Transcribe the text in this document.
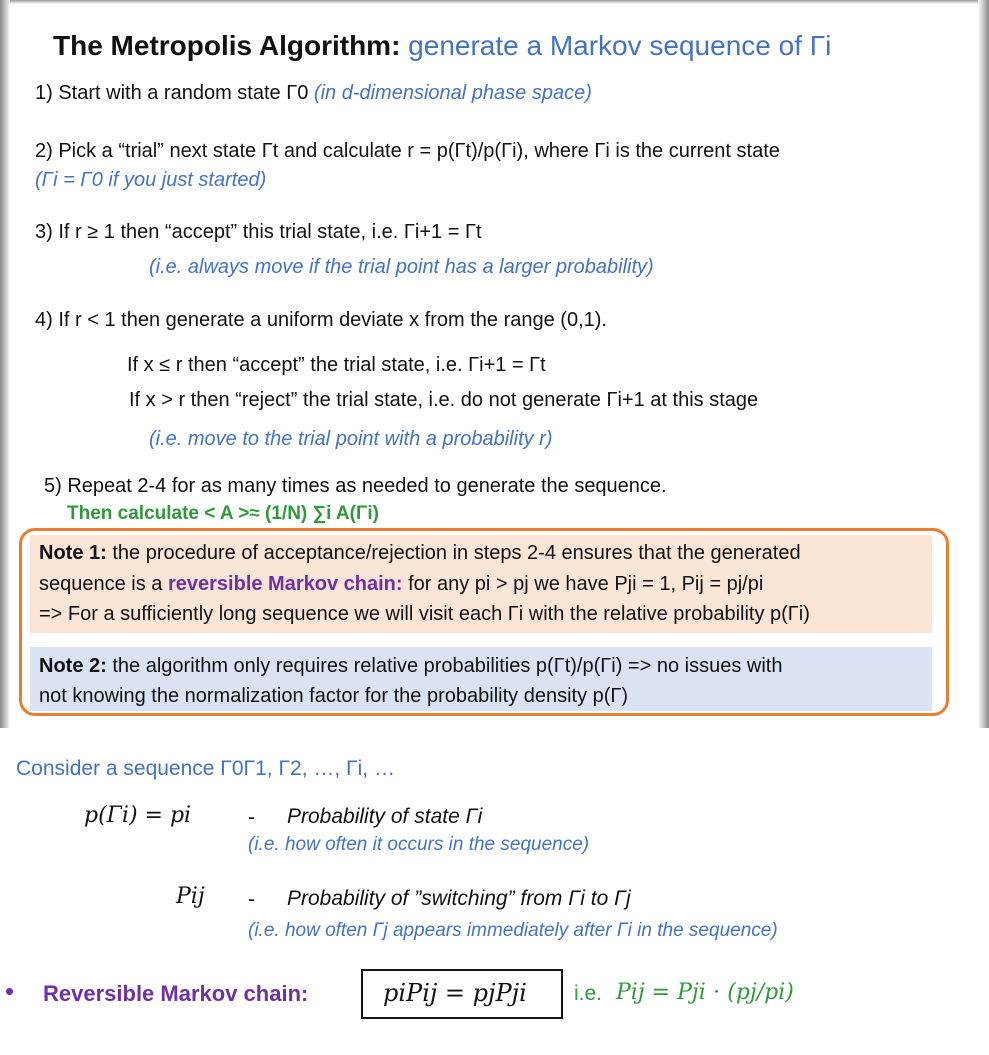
The Metropolis Algorithm: generate a Markov sequence of Γi
1) Start with a random state Γ0 (in d-dimensional phase space)
2) Pick a “trial” next state Γt and calculate r = p(Γt)/p(Γi), where Γi is the current state
(Γi = Γ0 if you just started)
3) If r ≥ 1 then “accept” this trial state, i.e. Γi+1 = Γt
(i.e. always move if the trial point has a larger probability)
4) If r < 1 then generate a uniform deviate x from the range (0,1).
If x ≤ r then “accept” the trial state, i.e. Γi+1 = Γt
If x > r then “reject” the trial state, i.e. do not generate Γi+1 at this stage
(i.e. move to the trial point with a probability r)
5) Repeat 2-4 for as many times as needed to generate the sequence.
Then calculate < A >≈ (1/N) ∑i A(Γi)
Note 1: the procedure of acceptance/rejection in steps 2-4 ensures that the generated
sequence is a reversible Markov chain: for any pi > pj we have Pji = 1, Pij = pj/pi
=> For a sufficiently long sequence we will visit each Γi with the relative probability p(Γi)
Note 2: the algorithm only requires relative probabilities p(Γt)/p(Γi) => no issues with
not knowing the normalization factor for the probability density p(Γ)
Consider a sequence Γ0Γ1, Γ2, …, Γi, …
p(Γi) = pi	- Probability of state Γi
(i.e. how often it occurs in the sequence)
Pij - Probability of ”switching” from Γi to Γj
(i.e. how often Γj appears immediately after Γi in the sequence)
Reversible Markov chain:	piPij = pjPji i.e. Pij = Pji ⋅ (pj/pi)
